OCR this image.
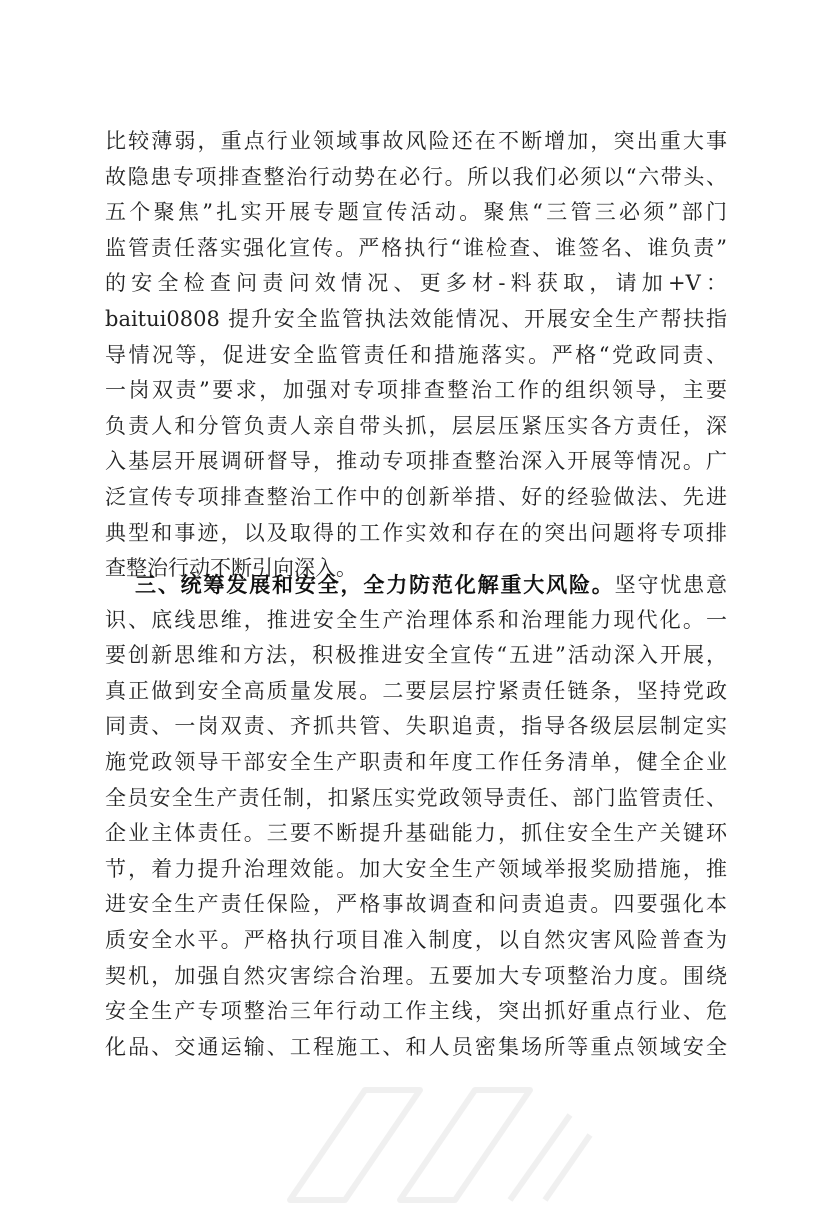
比较薄弱，重点行业领域事故风险还在不断增加，突出重大事
故隐患专项排查整治行动势在必行。所以我们必须以“六带头、
五个聚焦”扎实开展专题宣传活动。聚焦“三管三必须”部门
监管责任落实强化宣传。严格执行“谁检查、谁签名、谁负责”
的安全检查问责问效情况、更多材-料获取，请加+V：
baitui0808 提升安全监管执法效能情况、开展安全生产帮扶指
导情况等，促进安全监管责任和措施落实。严格“党政同责、
一岗双责”要求，加强对专项排查整治工作的组织领导，主要
负责人和分管负责人亲自带头抓，层层压紧压实各方责任，深
入基层开展调研督导，推动专项排查整治深入开展等情况。广
泛宣传专项排查整治工作中的创新举措、好的经验做法、先进
典型和事迹，以及取得的工作实效和存在的突出问题将专项排
查整治行动不断引向深入。
三、统筹发展和安全，全力防范化解重大风险。坚守忧患意
识、底线思维，推进安全生产治理体系和治理能力现代化。一
要创新思维和方法，积极推进安全宣传“五进”活动深入开展，
真正做到安全高质量发展。二要层层拧紧责任链条，坚持党政
同责、一岗双责、齐抓共管、失职追责，指导各级层层制定实
施党政领导干部安全生产职责和年度工作任务清单，健全企业
全员安全生产责任制，扣紧压实党政领导责任、部门监管责任、
企业主体责任。三要不断提升基础能力，抓住安全生产关键环
节，着力提升治理效能。加大安全生产领域举报奖励措施，推
进安全生产责任保险，严格事故调查和问责追责。四要强化本
质安全水平。严格执行项目准入制度，以自然灾害风险普查为
契机，加强自然灾害综合治理。五要加大专项整治力度。围绕
安全生产专项整治三年行动工作主线，突出抓好重点行业、危
化品、交通运输、工程施工、和人员密集场所等重点领域安全
